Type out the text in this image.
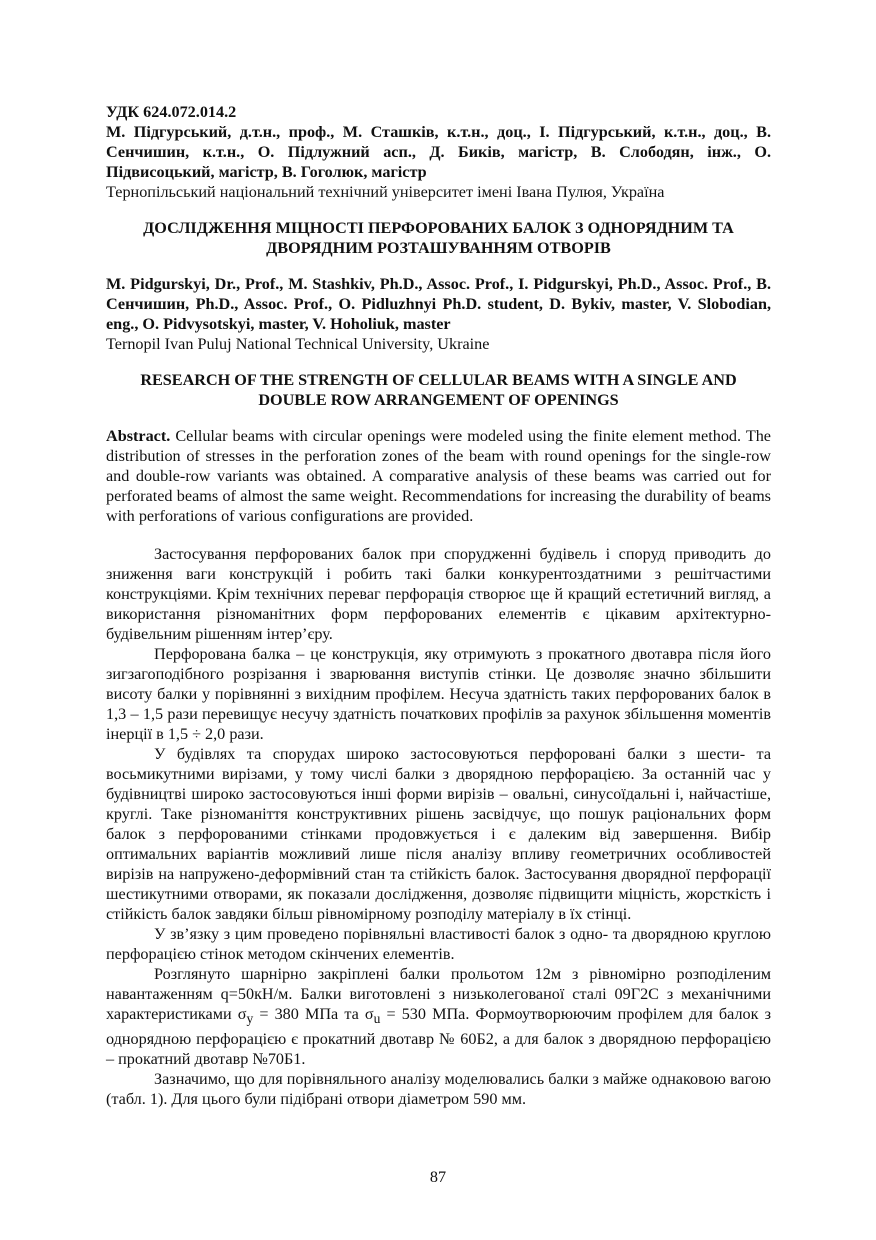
УДК 624.072.014.2

М. Підгурський, д.т.н., проф., М. Сташків, к.т.н., доц., І. Підгурський, к.т.н., доц., В. Сенчишин, к.т.н., О. Підлужний асп., Д. Биків, магістр, В. Слободян, інж., О. Підвисоцький, магістр, В. Гоголюк, магістр

Тернопільський національний технічний університет імені Івана Пулюя, Україна

ДОСЛІДЖЕННЯ МІЦНОСТІ ПЕРФОРОВАНИХ БАЛОК З ОДНОРЯДНИМ ТА ДВОРЯДНИМ РОЗТАШУВАННЯМ ОТВОРІВ

M. Pidgurskyi, Dr., Prof., M. Stashkiv, Ph.D., Assoc. Prof., I. Pidgurskyi, Ph.D., Assoc. Prof., В. Сенчишин, Ph.D., Assoc. Prof., O. Pidluzhnyi Ph.D. student, D. Bykiv, master, V. Slobodian, eng., O. Pidvysotskyi, master, V. Hoholiuk, master

Ternopil Ivan Puluj National Technical University, Ukraine

RESEARCH OF THE STRENGTH OF CELLULAR BEAMS WITH A SINGLE AND DOUBLE ROW ARRANGEMENT OF OPENINGS

Abstract. Cellular beams with circular openings were modeled using the finite element method. The distribution of stresses in the perforation zones of the beam with round openings for the single-row and double-row variants was obtained. A comparative analysis of these beams was carried out for perforated beams of almost the same weight. Recommendations for increasing the durability of beams with perforations of various configurations are provided.

Застосування перфорованих балок при спорудженні будівель і споруд приводить до зниження ваги конструкцій і робить такі балки конкурентоздатними з решітчастими конструкціями. Крім технічних переваг перфорація створює ще й кращий естетичний вигляд, а використання різноманітних форм перфорованих елементів є цікавим архітектурно-будівельним рішенням інтер’єру.

Перфорована балка – це конструкція, яку отримують з прокатного двотавра після його зигзагоподібного розрізання і зварювання виступів стінки. Це дозволяє значно збільшити висоту балки у порівнянні з вихідним профілем. Несуча здатність таких перфорованих балок в 1,3 – 1,5 рази перевищує несучу здатність початкових профілів за рахунок збільшення моментів інерції в 1,5 ÷ 2,0 рази.

У будівлях та спорудах широко застосовуються перфоровані балки з шести- та восьмикутними вирізами, у тому числі балки з дворядною перфорацією. За останній час у будівництві широко застосовуються інші форми вирізів – овальні, синусоїдальні і, найчастіше, круглі. Таке різноманіття конструктивних рішень засвідчує, що пошук раціональних форм балок з перфорованими стінками продовжується і є далеким від завершення. Вибір оптимальних варіантів можливий лише після аналізу впливу геометричних особливостей вирізів на напружено-деформівний стан та стійкість балок. Застосування дворядної перфорації шестикутними отворами, як показали дослідження, дозволяє підвищити міцність, жорсткість і стійкість балок завдяки більш рівномірному розподілу матеріалу в їх стінці.

У зв’язку з цим проведено порівняльні властивості балок з одно- та дворядною круглою перфорацією стінок методом скінчених елементів.

Розглянуто шарнірно закріплені балки прольотом 12м з рівномірно розподіленим навантаженням q=50кН/м. Балки виготовлені з низьколегованої сталі 09Г2С з механічними характеристиками $\sigma_y = 380$ МПа та $\sigma_u = 530$ МПа. Формоутворюючим профілем для балок з однорядною перфорацією є прокатний двотавр № 60Б2, а для балок з дворядною перфорацією – прокатний двотавр №70Б1.

Зазначимо, що для порівняльного аналізу моделювались балки з майже однаковою вагою (табл. 1). Для цього були підібрані отвори діаметром 590 мм.

87
